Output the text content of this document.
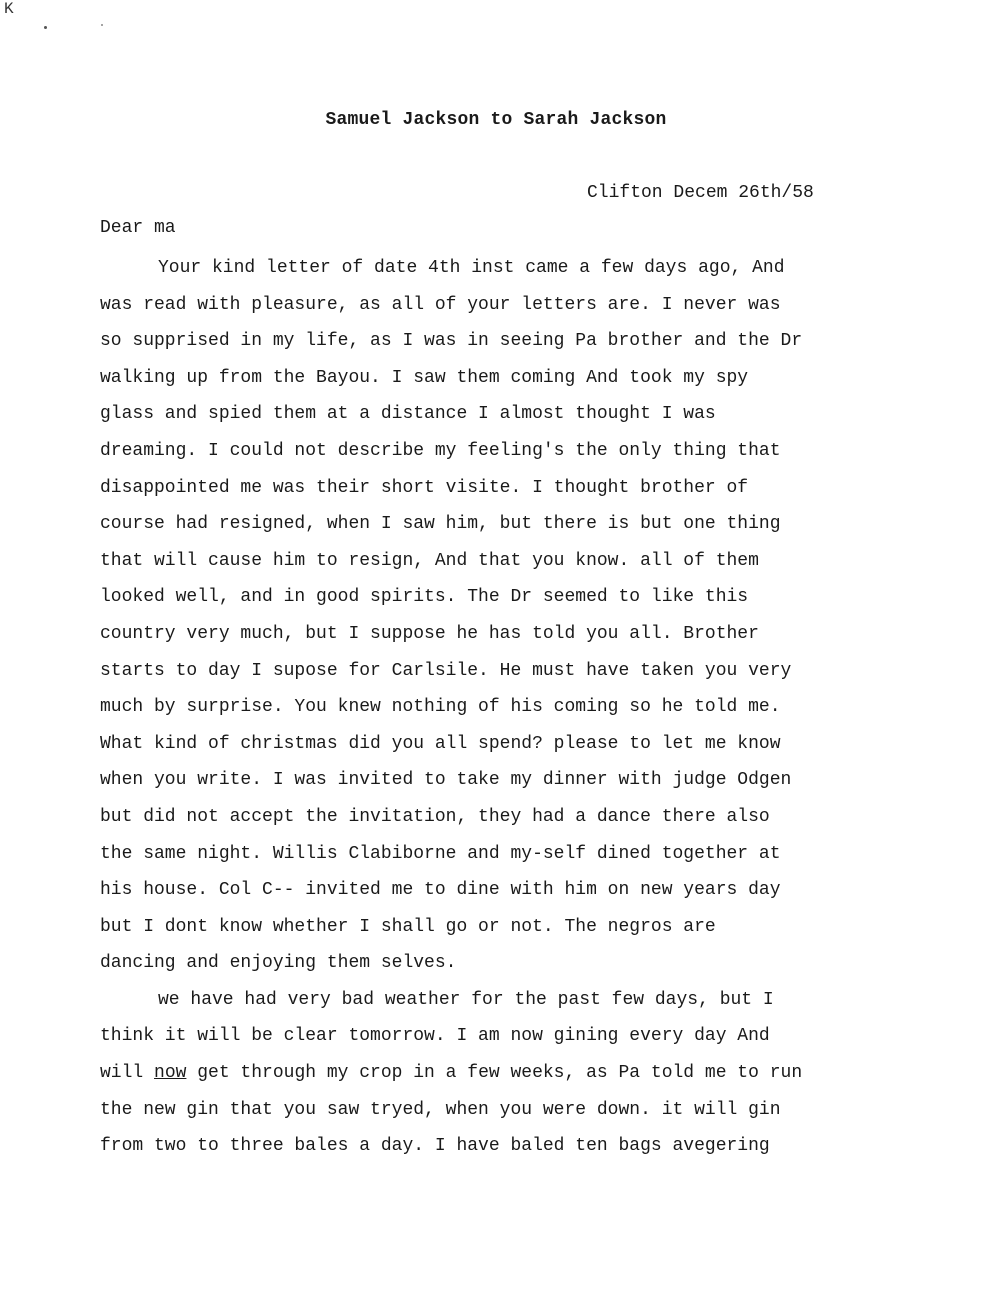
K
Samuel Jackson to Sarah Jackson
Clifton Decem 26th/58
Dear ma
Your kind letter of date 4th inst came a few days ago, And
was read with pleasure, as all of your letters are. I never was
so supprised in my life, as I was in seeing Pa brother and the Dr
walking up from the Bayou. I saw them coming And took my spy
glass and spied them at a distance I almost thought I was
dreaming. I could not describe my feeling's the only thing that
disappointed me was their short visite. I thought brother of
course had resigned, when I saw him, but there is but one thing
that will cause him to resign, And that you know. all of them
looked well, and in good spirits. The Dr seemed to like this
country very much, but I suppose he has told you all. Brother
starts to day I supose for Carlsile. He must have taken you very
much by surprise. You knew nothing of his coming so he told me.
What kind of christmas did you all spend? please to let me know
when you write. I was invited to take my dinner with judge Odgen
but did not accept the invitation, they had a dance there also
the same night. Willis Clabiborne and my-self dined together at
his house. Col C-- invited me to dine with him on new years day
but I dont know whether I shall go or not. The negros are
dancing and enjoying them selves.
we have had very bad weather for the past few days, but I
think it will be clear tomorrow. I am now gining every day And
will now get through my crop in a few weeks, as Pa told me to run
the new gin that you saw tryed, when you were down. it will gin
from two to three bales a day. I have baled ten bags avegering
